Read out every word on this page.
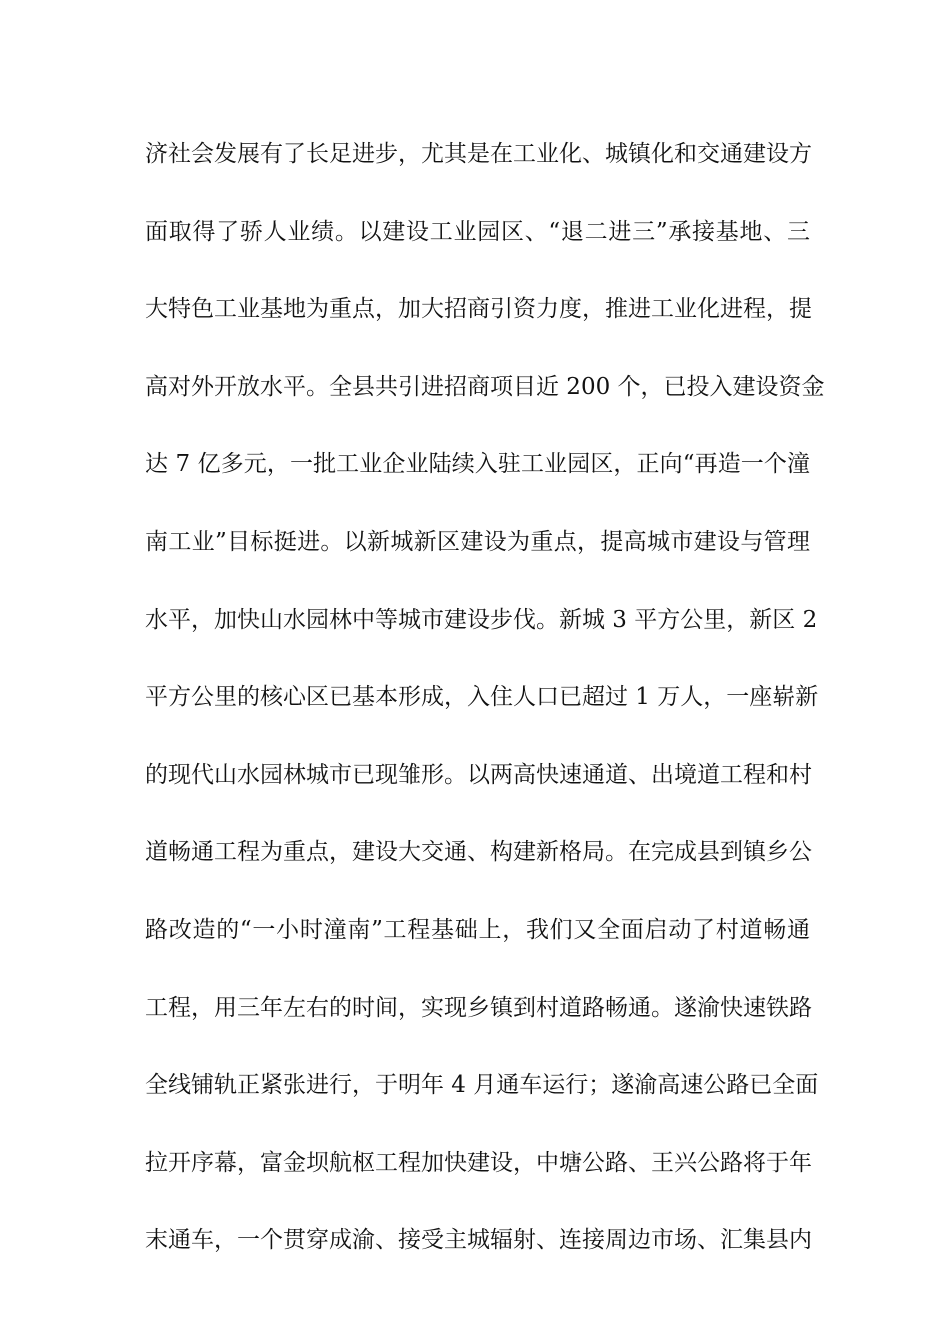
济社会发展有了长足进步，尤其是在工业化、城镇化和交通建设方
面取得了骄人业绩。以建设工业园区、“退二进三”承接基地、三
大特色工业基地为重点，加大招商引资力度，推进工业化进程，提
高对外开放水平。全县共引进招商项目近 200 个，已投入建设资金
达 7 亿多元，一批工业企业陆续入驻工业园区，正向“再造一个潼
南工业”目标挺进。以新城新区建设为重点，提高城市建设与管理
水平，加快山水园林中等城市建设步伐。新城 3 平方公里，新区 2
平方公里的核心区已基本形成，入住人口已超过 1 万人，一座崭新
的现代山水园林城市已现雏形。以两高快速通道、出境道工程和村
道畅通工程为重点，建设大交通、构建新格局。在完成县到镇乡公
路改造的“一小时潼南”工程基础上，我们又全面启动了村道畅通
工程，用三年左右的时间，实现乡镇到村道路畅通。遂渝快速铁路
全线铺轨正紧张进行，于明年 4 月通车运行；遂渝高速公路已全面
拉开序幕，富金坝航枢工程加快建设，中塘公路、王兴公路将于年
末通车，一个贯穿成渝、接受主城辐射、连接周边市场、汇集县内
